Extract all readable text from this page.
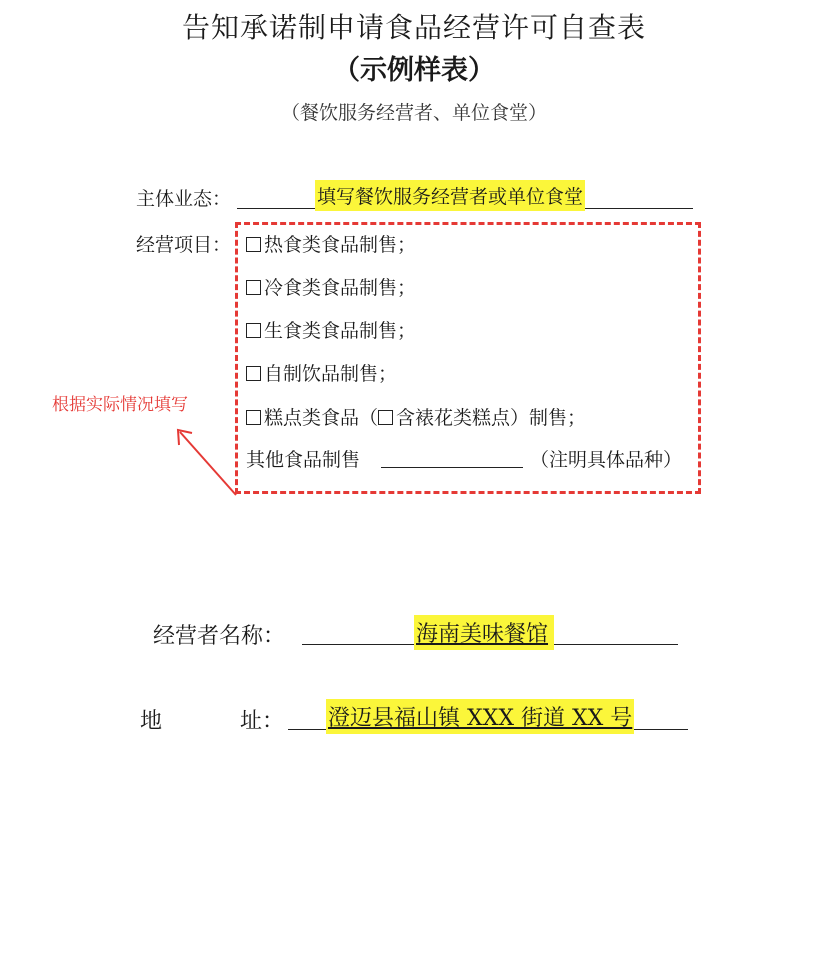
告知承诺制申请食品经营许可自查表
（示例样表）
（餐饮服务经营者、单位食堂）
主体业态：	填写餐饮服务经营者或单位食堂
经营项目：	热食类食品制售；
冷食类食品制售；
生食类食品制售；
自制饮品制售；
糕点类食品（ 含裱花类糕点）制售；
其他食品制售	（注明具体品种）
根据实际情况填写
经营者名称：	海南美味餐馆
地	址： 澄迈县福山镇 XXX 街道 XX 号
